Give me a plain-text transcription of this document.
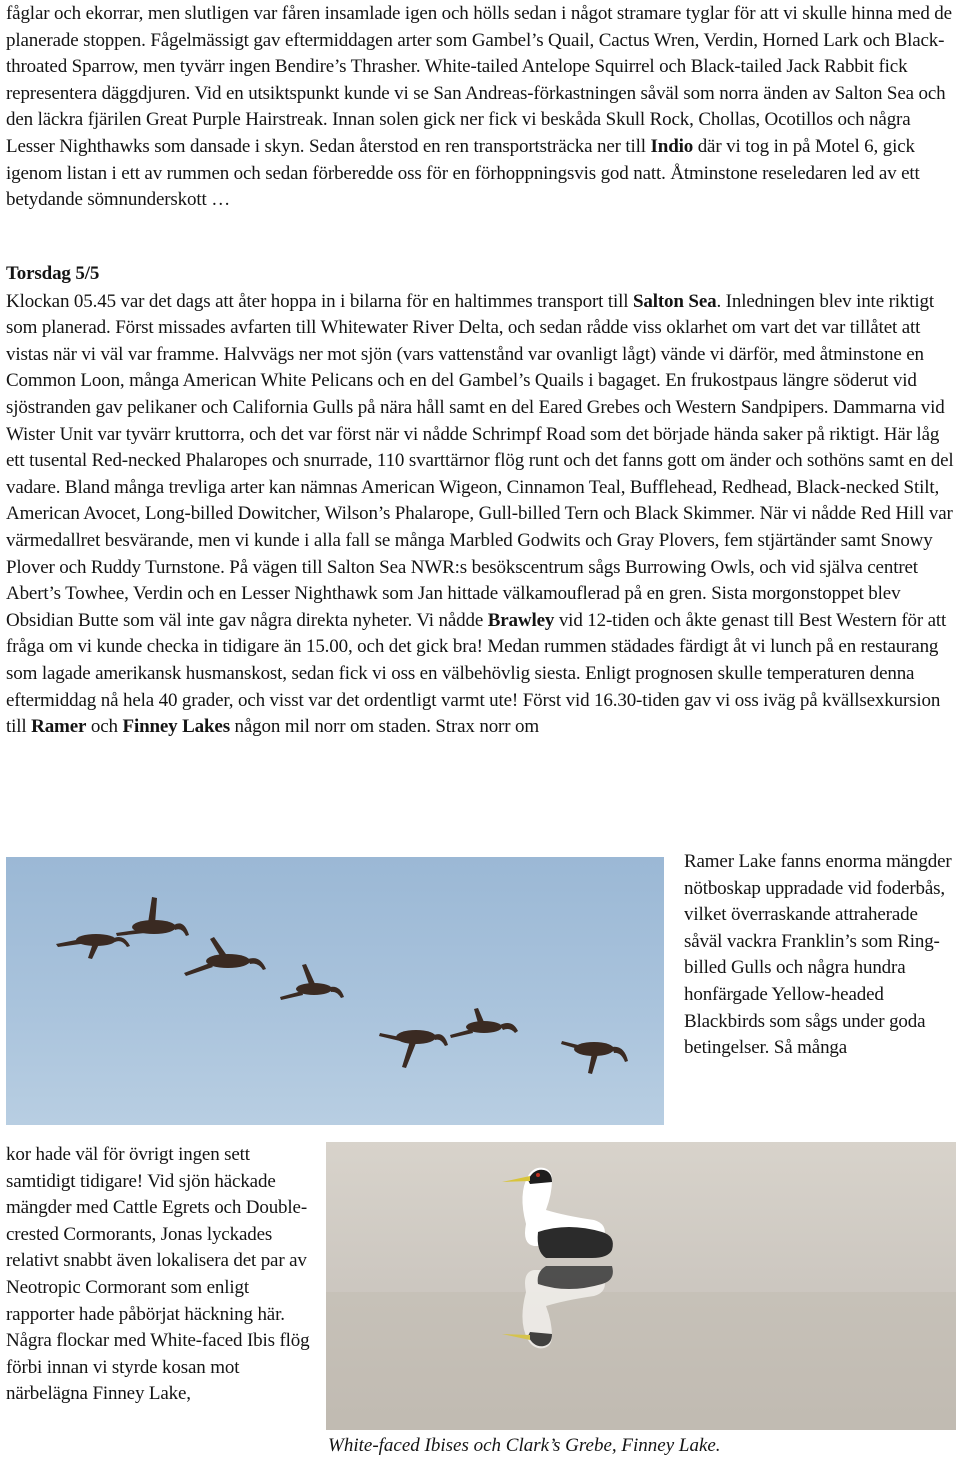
fåglar och ekorrar, men slutligen var fåren insamlade igen och hölls sedan i något stramare tyglar för att vi skulle hinna med de planerade stoppen. Fågelmässigt gav eftermiddagen arter som Gambel’s Quail, Cactus Wren, Verdin, Horned Lark och Black-throated Sparrow, men tyvärr ingen Bendire’s Thrasher. White-tailed Antelope Squirrel och Black-tailed Jack Rabbit fick representera däggdjuren. Vid en utsiktspunkt kunde vi se San Andreas-förkastningen såväl som norra änden av Salton Sea och den läckra fjärilen Great Purple Hairstreak. Innan solen gick ner fick vi beskåda Skull Rock, Chollas, Ocotillos och några Lesser Nighthawks som dansade i skyn. Sedan återstod en ren transportsträcka ner till Indio där vi tog in på Motel 6, gick igenom listan i ett av rummen och sedan förberedde oss för en förhoppningsvis god natt. Åtminstone reseledaren led av ett betydande sömnunderskott …
Torsdag 5/5
Klockan 05.45 var det dags att åter hoppa in i bilarna för en haltimmes transport till Salton Sea. Inledningen blev inte riktigt som planerad. Först missades avfarten till Whitewater River Delta, och sedan rådde viss oklarhet om vart det var tillåtet att vistas när vi väl var framme. Halvvägs ner mot sjön (vars vattenstånd var ovanligt lågt) vände vi därför, med åtminstone en Common Loon, många American White Pelicans och en del Gambel’s Quails i bagaget. En frukostpaus längre söderut vid sjöstranden gav pelikaner och California Gulls på nära håll samt en del Eared Grebes och Western Sandpipers. Dammarna vid Wister Unit var tyvärr kruttorra, och det var först när vi nådde Schrimpf Road som det började hända saker på riktigt. Här låg ett tusental Red-necked Phalaropes och snurrade, 110 svarttärnor flög runt och det fanns gott om änder och sothöns samt en del vadare. Bland många trevliga arter kan nämnas American Wigeon, Cinnamon Teal, Bufflehead, Redhead, Black-necked Stilt, American Avocet, Long-billed Dowitcher, Wilson’s Phalarope, Gull-billed Tern och Black Skimmer. När vi nådde Red Hill var värmedallret besvärande, men vi kunde i alla fall se många Marbled Godwits och Gray Plovers, fem stjärtänder samt Snowy Plover och Ruddy Turnstone. På vägen till Salton Sea NWR:s besökscentrum sågs Burrowing Owls, och vid själva centret Abert’s Towhee, Verdin och en Lesser Nighthawk som Jan hittade välkamouflerad på en gren. Sista morgonstoppet blev Obsidian Butte som väl inte gav några direkta nyheter. Vi nådde Brawley vid 12-tiden och åkte genast till Best Western för att fråga om vi kunde checka in tidigare än 15.00, och det gick bra! Medan rummen städades färdigt åt vi lunch på en restaurang som lagade amerikansk husmanskost, sedan fick vi oss en välbehövlig siesta. Enligt prognosen skulle temperaturen denna eftermiddag nå hela 40 grader, och visst var det ordentligt varmt ute! Först vid 16.30-tiden gav vi oss iväg på kvällsexkursion till Ramer och Finney Lakes någon mil norr om staden. Strax norr om
Ramer Lake fanns enorma mängder nötboskap uppradade vid foderbås, vilket överraskande attraherade såväl vackra Franklin’s som Ring-billed Gulls och några hundra honfärgade Yellow-headed Blackbirds som sågs under goda betingelser. Så många
kor hade väl för övrigt ingen sett samtidigt tidigare! Vid sjön häckade mängder med Cattle Egrets och Double-crested Cormorants, Jonas lyckades relativt snabbt även lokalisera det par av Neotropic Cormorant som enligt rapporter hade påbörjat häckning här. Några flockar med White-faced Ibis flög förbi innan vi styrde kosan mot närbelägna Finney Lake,
White-faced Ibises och Clark’s Grebe, Finney Lake.
